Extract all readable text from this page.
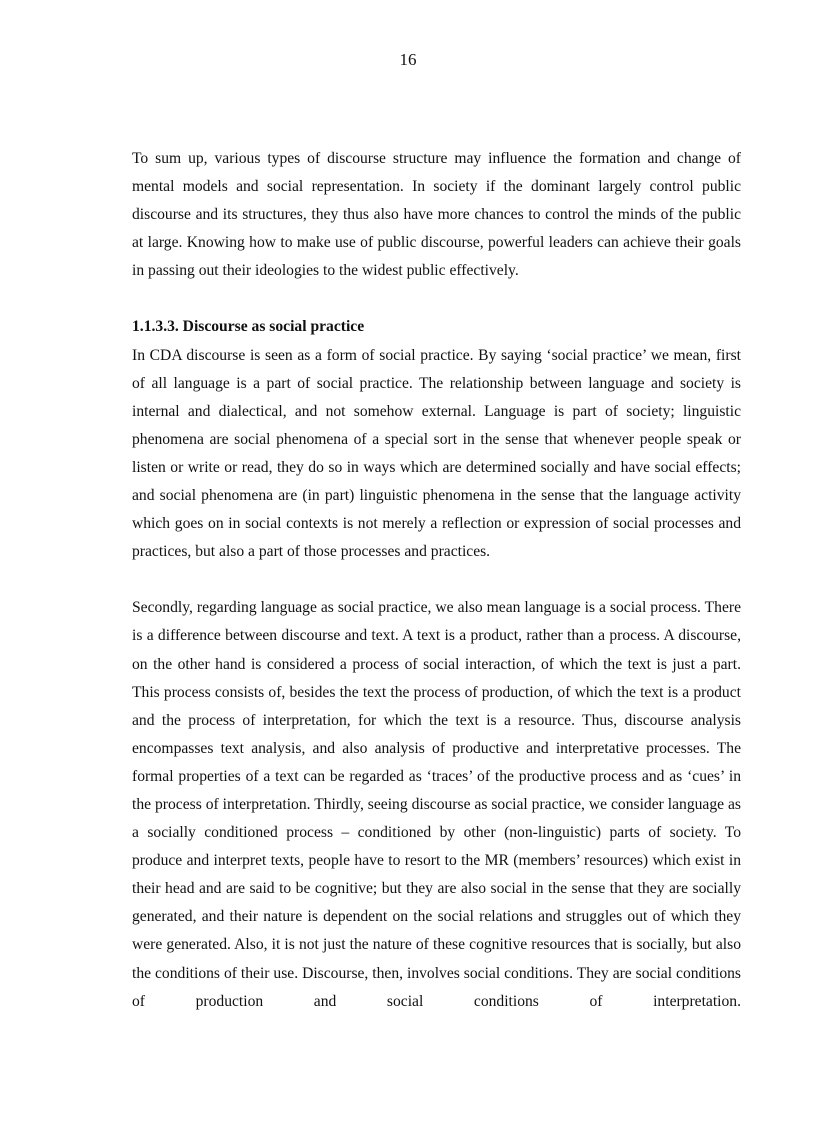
16

To sum up, various types of discourse structure may influence the formation and change of mental models and social representation. In society if the dominant largely control public discourse and its structures, they thus also have more chances to control the minds of the public at large. Knowing how to make use of public discourse, powerful leaders can achieve their goals in passing out their ideologies to the widest public effectively.

1.1.3.3. Discourse as social practice

In CDA discourse is seen as a form of social practice. By saying ‘social practice’ we mean, first of all language is a part of social practice. The relationship between language and society is internal and dialectical, and not somehow external. Language is part of society; linguistic phenomena are social phenomena of a special sort in the sense that whenever people speak or listen or write or read, they do so in ways which are determined socially and have social effects; and social phenomena are (in part) linguistic phenomena in the sense that the language activity which goes on in social contexts is not merely a reflection or expression of social processes and practices, but also a part of those processes and practices.

Secondly, regarding language as social practice, we also mean language is a social process. There is a difference between discourse and text. A text is a product, rather than a process. A discourse, on the other hand is considered a process of social interaction, of which the text is just a part. This process consists of, besides the text the process of production, of which the text is a product and the process of interpretation, for which the text is a resource. Thus, discourse analysis encompasses text analysis, and also analysis of productive and interpretative processes. The formal properties of a text can be regarded as ‘traces’ of the productive process and as ‘cues’ in the process of interpretation. Thirdly, seeing discourse as social practice, we consider language as a socially conditioned process – conditioned by other (non-linguistic) parts of society. To produce and interpret texts, people have to resort to the MR (members’ resources) which exist in their head and are said to be cognitive; but they are also social in the sense that they are socially generated, and their nature is dependent on the social relations and struggles out of which they were generated. Also, it is not just the nature of these cognitive resources that is socially, but also the conditions of their use. Discourse, then, involves social conditions. They are social conditions of production and social conditions of interpretation.
